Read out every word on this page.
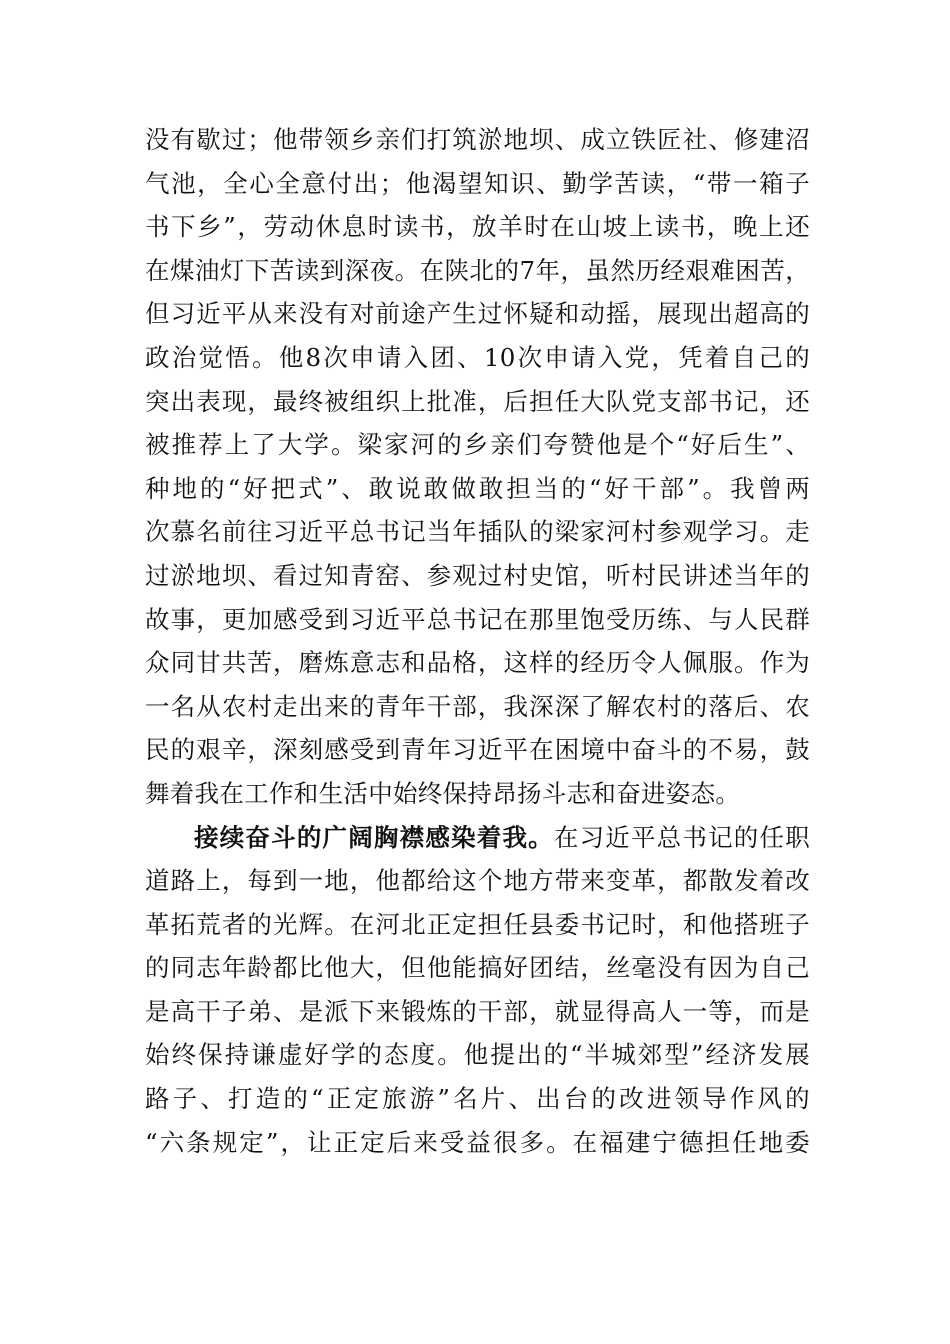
没有歇过；他带领乡亲们打筑淤地坝、成立铁匠社、修建沼
气池，全心全意付出；他渴望知识、勤学苦读，“带一箱子
书下乡”，劳动休息时读书，放羊时在山坡上读书，晚上还
在煤油灯下苦读到深夜。在陕北的7年，虽然历经艰难困苦，
但习近平从来没有对前途产生过怀疑和动摇，展现出超高的
政治觉悟。他8次申请入团、10次申请入党，凭着自己的
突出表现，最终被组织上批准，后担任大队党支部书记，还
被推荐上了大学。梁家河的乡亲们夸赞他是个“好后生”、
种地的“好把式”、敢说敢做敢担当的“好干部”。我曾两
次慕名前往习近平总书记当年插队的梁家河村参观学习。走
过淤地坝、看过知青窑、参观过村史馆，听村民讲述当年的
故事，更加感受到习近平总书记在那里饱受历练、与人民群
众同甘共苦，磨炼意志和品格，这样的经历令人佩服。作为
一名从农村走出来的青年干部，我深深了解农村的落后、农
民的艰辛，深刻感受到青年习近平在困境中奋斗的不易，鼓
舞着我在工作和生活中始终保持昂扬斗志和奋进姿态。
接续奋斗的广阔胸襟感染着我。在习近平总书记的任职
道路上，每到一地，他都给这个地方带来变革，都散发着改
革拓荒者的光辉。在河北正定担任县委书记时，和他搭班子
的同志年龄都比他大，但他能搞好团结，丝毫没有因为自己
是高干子弟、是派下来锻炼的干部，就显得高人一等，而是
始终保持谦虚好学的态度。他提出的“半城郊型”经济发展
路子、打造的“正定旅游”名片、出台的改进领导作风的
“六条规定”，让正定后来受益很多。在福建宁德担任地委
